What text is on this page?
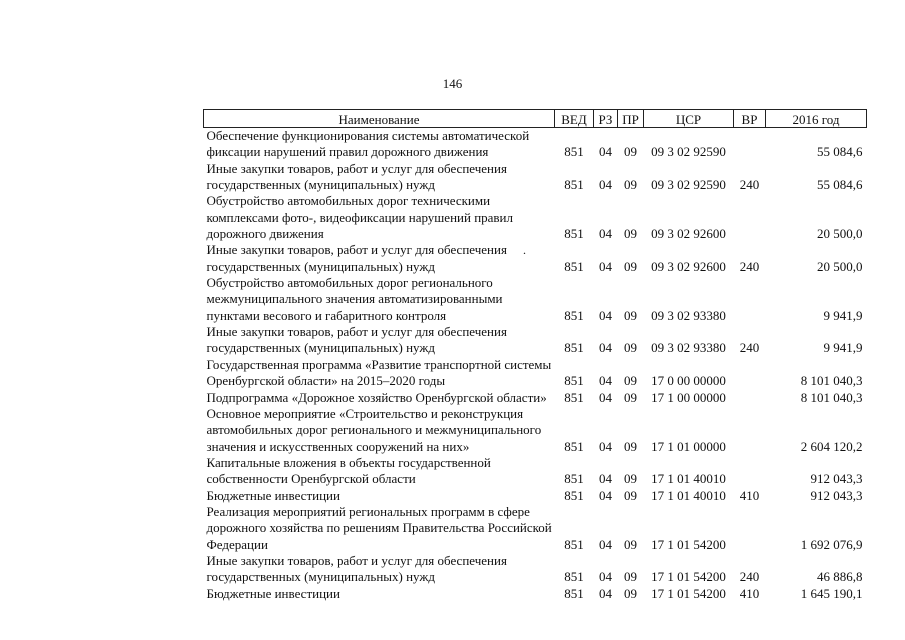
146
.
Наименование	ВЕД	РЗ	ПР	ЦСР	ВР	2016 год

Обеспечение функционирования системы автоматической
фиксации нарушений правил дорожного движения	851	04	09	09 3 02 92590		55 084,6

Иные закупки товаров, работ и услуг для обеспечения
государственных (муниципальных) нужд	851	04	09	09 3 02 92590	240	55 084,6

Обустройство автомобильных дорог техническими
комплексами фото-, видеофиксации нарушений правил
дорожного движения	851	04	09	09 3 02 92600		20 500,0

Иные закупки товаров, работ и услуг для обеспечения
государственных (муниципальных) нужд	851	04	09	09 3 02 92600	240	20 500,0

Обустройство автомобильных дорог регионального
межмуниципального значения автоматизированными
пунктами весового и габаритного контроля	851	04	09	09 3 02 93380		9 941,9

Иные закупки товаров, работ и услуг для обеспечения
государственных (муниципальных) нужд	851	04	09	09 3 02 93380	240	9 941,9

Государственная программа «Развитие транспортной системы
Оренбургской области» на 2015–2020 годы	851	04	09	17 0 00 00000		8 101 040,3

Подпрограмма «Дорожное хозяйство Оренбургской области»	851	04	09	17 1 00 00000		8 101 040,3

Основное мероприятие «Строительство и реконструкция
автомобильных дорог регионального и межмуниципального
значения и искусственных сооружений на них»	851	04	09	17 1 01 00000		2 604 120,2

Капитальные вложения в объекты государственной
собственности Оренбургской области	851	04	09	17 1 01 40010		912 043,3

Бюджетные инвестиции	851	04	09	17 1 01 40010	410	912 043,3

Реализация мероприятий региональных программ в сфере
дорожного хозяйства по решениям Правительства Российской
Федерации	851	04	09	17 1 01 54200		1 692 076,9

Иные закупки товаров, работ и услуг для обеспечения
государственных (муниципальных) нужд	851	04	09	17 1 01 54200	240	46 886,8

Бюджетные инвестиции	851	04	09	17 1 01 54200	410	1 645 190,1
